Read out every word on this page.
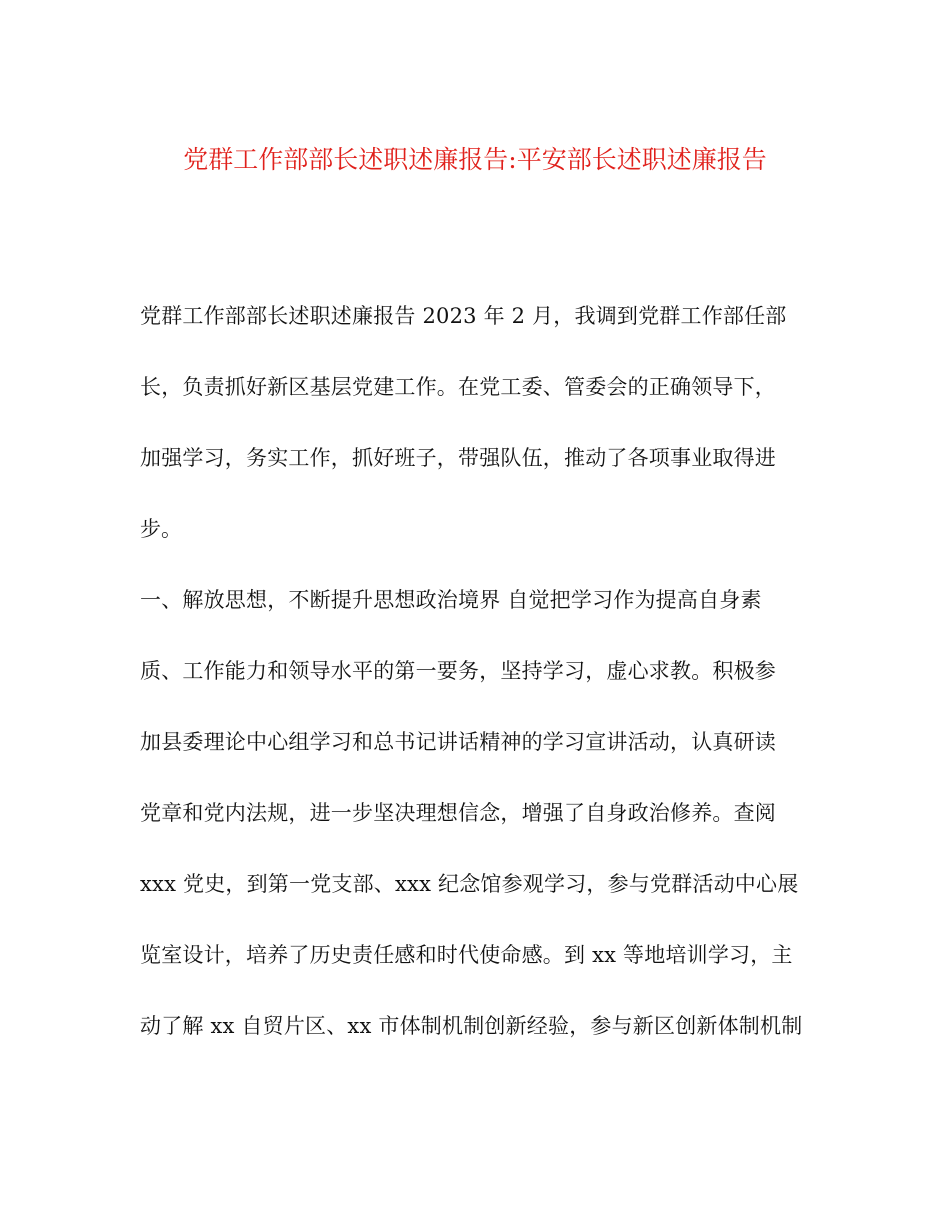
党群工作部部长述职述廉报告:平安部长述职述廉报告

党群工作部部长述职述廉报告 2023 年 2 月，我调到党群工作部任部

长，负责抓好新区基层党建工作。在党工委、管委会的正确领导下，

加强学习，务实工作，抓好班子，带强队伍，推动了各项事业取得进

步。

一、解放思想，不断提升思想政治境界 自觉把学习作为提高自身素

质、工作能力和领导水平的第一要务，坚持学习，虚心求教。积极参

加县委理论中心组学习和总书记讲话精神的学习宣讲活动，认真研读

党章和党内法规，进一步坚决理想信念，增强了自身政治修养。查阅

xxx 党史，到第一党支部、xxx 纪念馆参观学习，参与党群活动中心展

览室设计，培养了历史责任感和时代使命感。到 xx 等地培训学习，主

动了解 xx 自贸片区、xx 市体制机制创新经验，参与新区创新体制机制
